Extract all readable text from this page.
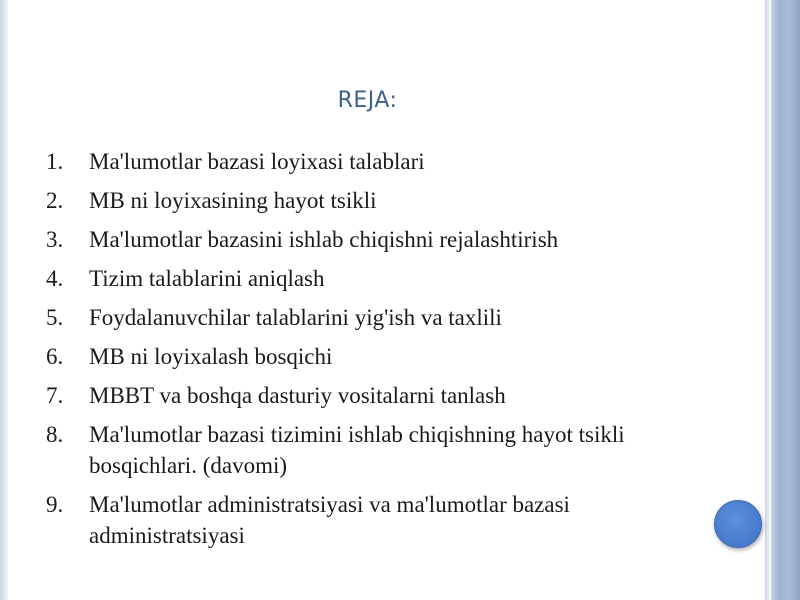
REJA:
1. Ma'lumotlar bazasi loyixasi talablari
2. MB ni loyixasining hayot tsikli
3. Ma'lumotlar bazasini ishlab chiqishni rejalashtirish
4. Tizim talablarini aniqlash
5. Foydalanuvchilar talablarini yig'ish va taxlili
6. MB ni loyixalash bosqichi
7. MBBT va boshqa dasturiy vositalarni tanlash
8. Ma'lumotlar bazasi tizimini ishlab chiqishning hayot tsikli bosqichlari. (davomi)
9. Ma'lumotlar administratsiyasi va ma'lumotlar bazasi administratsiyasi
